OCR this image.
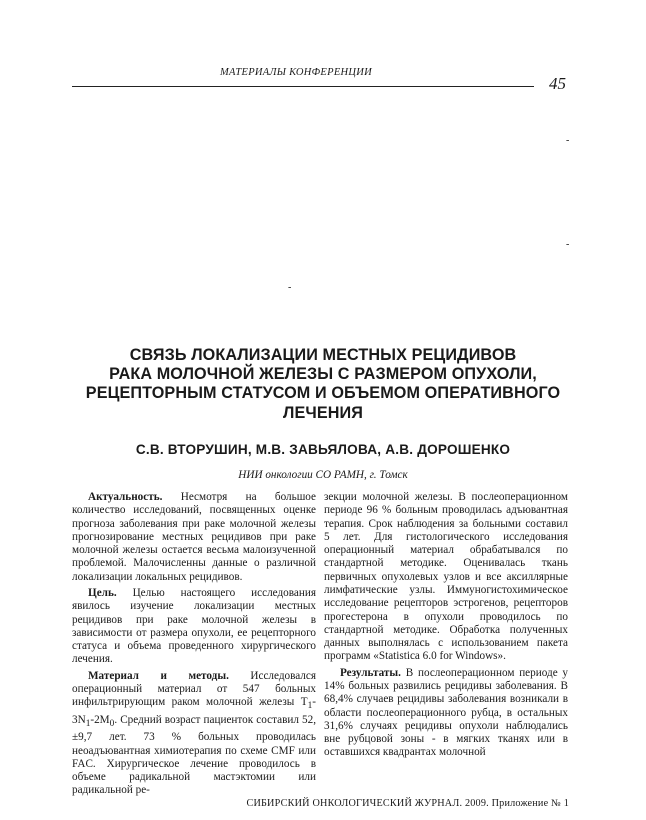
МАТЕРИАЛЫ КОНФЕРЕНЦИИ
45
-
-
-
СВЯЗЬ ЛОКАЛИЗАЦИИ МЕСТНЫХ РЕЦИДИВОВ
РАКА МОЛОЧНОЙ ЖЕЛЕЗЫ С РАЗМЕРОМ ОПУХОЛИ,
РЕЦЕПТОРНЫМ СТАТУСОМ И ОБЪЕМОМ ОПЕРАТИВНОГО
ЛЕЧЕНИЯ
С.В. ВТОРУШИН, М.В. ЗАВЬЯЛОВА, А.В. ДОРОШЕНКО
НИИ онкологии СО РАМН, г. Томск

Актуальность. Несмотря на большое количество исследований, посвященных оценке прогноза заболевания при раке молочной железы прогнозирование местных рецидивов при раке молочной железы остается весьма малоизученной проблемой. Малочисленны данные о различной локализации локальных рецидивов.

Цель. Целью настоящего исследования явилось изучение локализации местных рецидивов при раке молочной железы в зависимости от размера опухоли, ее рецепторного статуса и объема проведенного хирургического лечения.

Материал и методы. Исследовался операционный материал от 547 больных инфильтрирующим раком молочной железы $T_1-3N_1-2M_0$. Средний возраст пациенток составил 52,±9,7 лет. 73 % больных проводилась неоадъювантная химиотерапия по схеме CMF или FAC. Хирургическое лечение проводилось в объеме радикальной мастэктомии или радикальной ре-

зекции молочной железы. В послеоперационном периоде 96 % больным проводилась адъювантная терапия. Срок наблюдения за больными составил 5 лет. Для гистологического исследования операционный материал обрабатывался по стандартной методике. Оценивалась ткань первичных опухолевых узлов и все аксиллярные лимфатические узлы. Иммуногистохимическое исследование рецепторов эстрогенов, рецепторов прогестерона в опухоли проводилось по стандартной методике. Обработка полученных данных выполнялась с использованием пакета программ «Statistica 6.0 for Windows».

Результаты. В послеоперационном периоде у 14% больных развились рецидивы заболевания. В 68,4% случаев рецидивы заболевания возникали в области послеоперационного рубца, в остальных 31,6% случаях рецидивы опухоли наблюдались вне рубцовой зоны - в мягких тканях или в оставшихся квадрантах молочной

СИБИРСКИЙ ОНКОЛОГИЧЕСКИЙ ЖУРНАЛ. 2009. Приложение № 1
